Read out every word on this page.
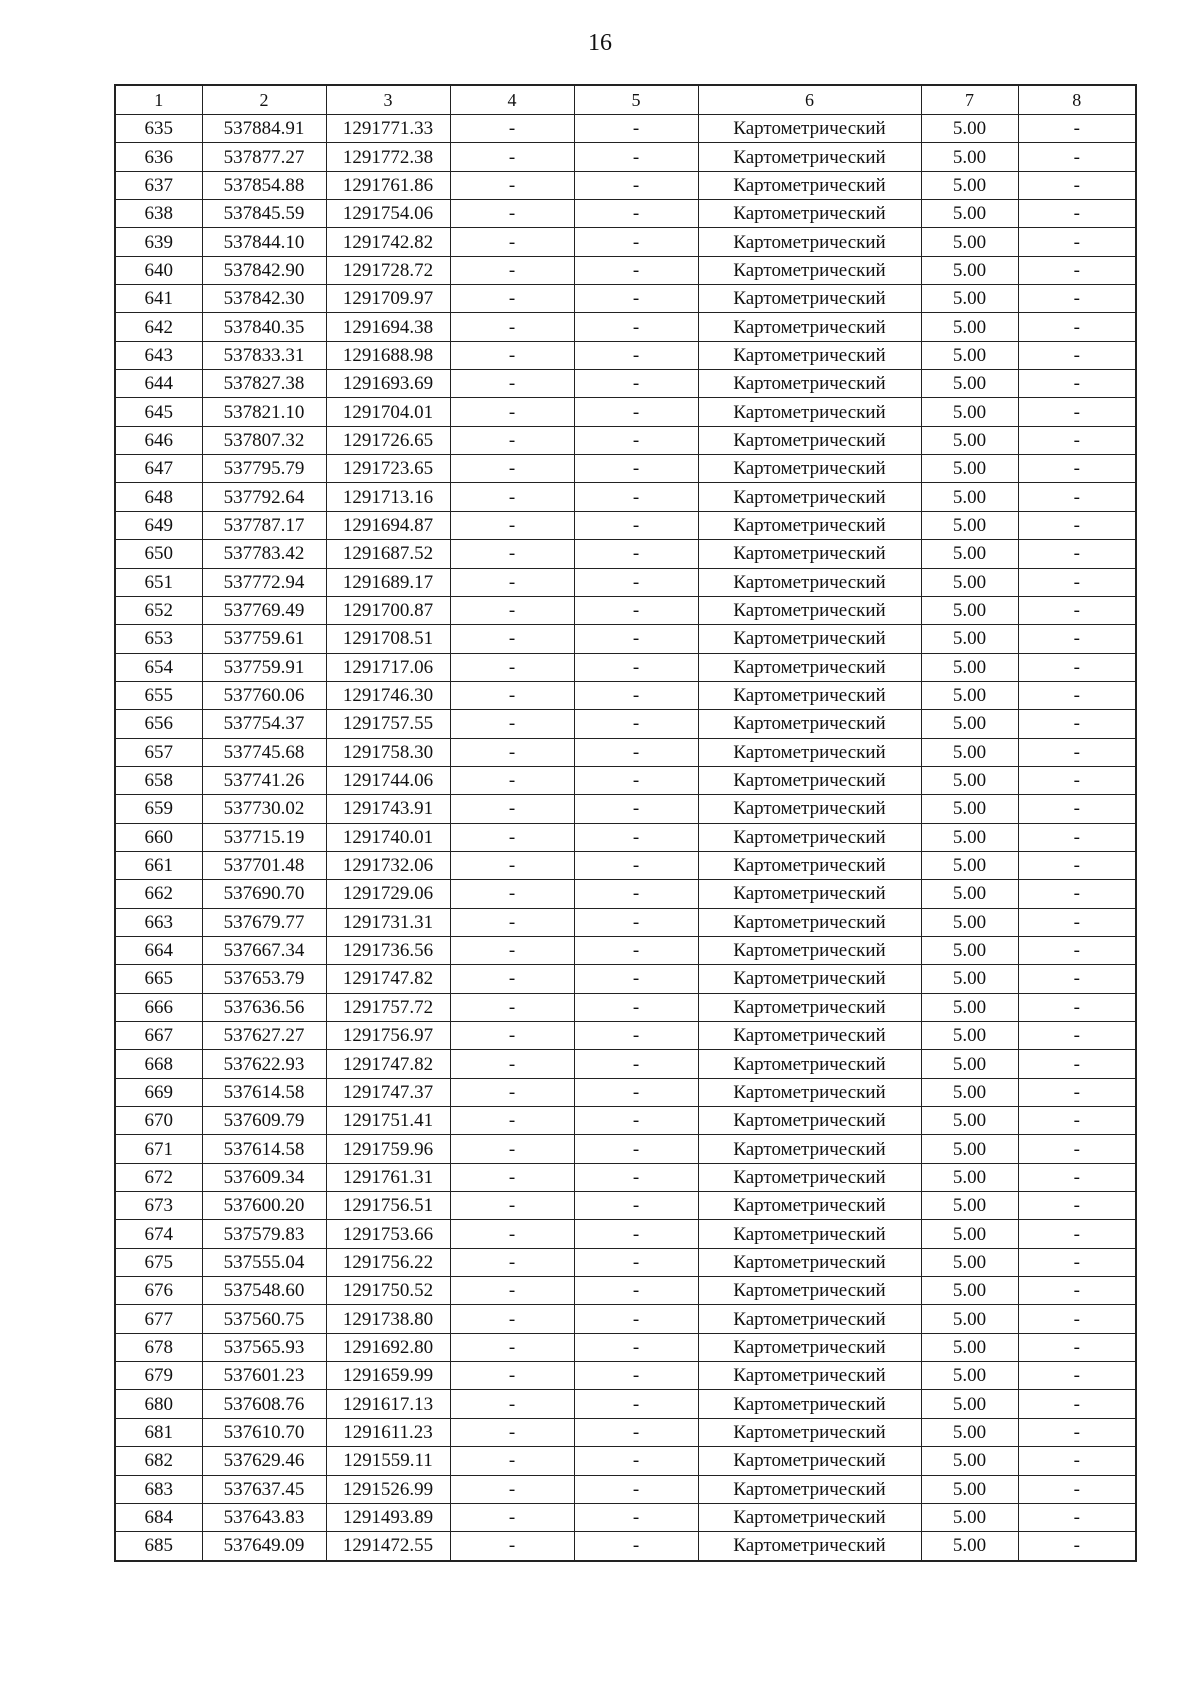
16
1	2	3	4	5	6	7	8
635	537884.91	1291771.33	-	-	Картометрический	5.00	-
636	537877.27	1291772.38	-	-	Картометрический	5.00	-
637	537854.88	1291761.86	-	-	Картометрический	5.00	-
638	537845.59	1291754.06	-	-	Картометрический	5.00	-
639	537844.10	1291742.82	-	-	Картометрический	5.00	-
640	537842.90	1291728.72	-	-	Картометрический	5.00	-
641	537842.30	1291709.97	-	-	Картометрический	5.00	-
642	537840.35	1291694.38	-	-	Картометрический	5.00	-
643	537833.31	1291688.98	-	-	Картометрический	5.00	-
644	537827.38	1291693.69	-	-	Картометрический	5.00	-
645	537821.10	1291704.01	-	-	Картометрический	5.00	-
646	537807.32	1291726.65	-	-	Картометрический	5.00	-
647	537795.79	1291723.65	-	-	Картометрический	5.00	-
648	537792.64	1291713.16	-	-	Картометрический	5.00	-
649	537787.17	1291694.87	-	-	Картометрический	5.00	-
650	537783.42	1291687.52	-	-	Картометрический	5.00	-
651	537772.94	1291689.17	-	-	Картометрический	5.00	-
652	537769.49	1291700.87	-	-	Картометрический	5.00	-
653	537759.61	1291708.51	-	-	Картометрический	5.00	-
654	537759.91	1291717.06	-	-	Картометрический	5.00	-
655	537760.06	1291746.30	-	-	Картометрический	5.00	-
656	537754.37	1291757.55	-	-	Картометрический	5.00	-
657	537745.68	1291758.30	-	-	Картометрический	5.00	-
658	537741.26	1291744.06	-	-	Картометрический	5.00	-
659	537730.02	1291743.91	-	-	Картометрический	5.00	-
660	537715.19	1291740.01	-	-	Картометрический	5.00	-
661	537701.48	1291732.06	-	-	Картометрический	5.00	-
662	537690.70	1291729.06	-	-	Картометрический	5.00	-
663	537679.77	1291731.31	-	-	Картометрический	5.00	-
664	537667.34	1291736.56	-	-	Картометрический	5.00	-
665	537653.79	1291747.82	-	-	Картометрический	5.00	-
666	537636.56	1291757.72	-	-	Картометрический	5.00	-
667	537627.27	1291756.97	-	-	Картометрический	5.00	-
668	537622.93	1291747.82	-	-	Картометрический	5.00	-
669	537614.58	1291747.37	-	-	Картометрический	5.00	-
670	537609.79	1291751.41	-	-	Картометрический	5.00	-
671	537614.58	1291759.96	-	-	Картометрический	5.00	-
672	537609.34	1291761.31	-	-	Картометрический	5.00	-
673	537600.20	1291756.51	-	-	Картометрический	5.00	-
674	537579.83	1291753.66	-	-	Картометрический	5.00	-
675	537555.04	1291756.22	-	-	Картометрический	5.00	-
676	537548.60	1291750.52	-	-	Картометрический	5.00	-
677	537560.75	1291738.80	-	-	Картометрический	5.00	-
678	537565.93	1291692.80	-	-	Картометрический	5.00	-
679	537601.23	1291659.99	-	-	Картометрический	5.00	-
680	537608.76	1291617.13	-	-	Картометрический	5.00	-
681	537610.70	1291611.23	-	-	Картометрический	5.00	-
682	537629.46	1291559.11	-	-	Картометрический	5.00	-
683	537637.45	1291526.99	-	-	Картометрический	5.00	-
684	537643.83	1291493.89	-	-	Картометрический	5.00	-
685	537649.09	1291472.55	-	-	Картометрический	5.00	-
